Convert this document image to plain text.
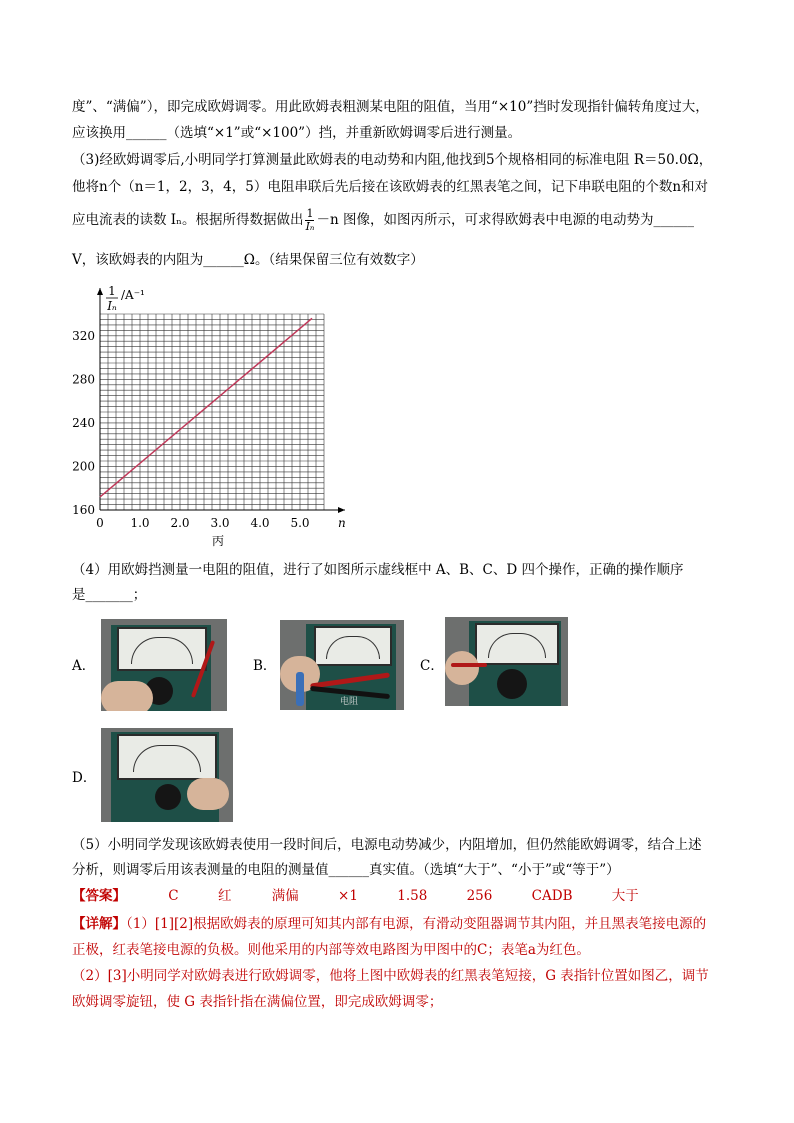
度”、“满偏”），即完成欧姆调零。用此欧姆表粗测某电阻的阻值，当用“×10”挡时发现指针偏转角度过大，
应该换用______（选填“×1”或“×100”）挡，并重新欧姆调零后进行测量。
（3)经欧姆调零后,小明同学打算测量此欧姆表的电动势和内阻,他找到5个规格相同的标准电阻 R＝50.0Ω，
他将n个（n＝1，2，3，4，5）电阻串联后先后接在该欧姆表的红黑表笔之间，记下串联电阻的个数n和对
应电流表的读数 Iₙ。根据所得数据做出 $\frac{1}{\text{Iₙ}} -n$ 图像，如图丙所示，可求得欧姆表中电源的电动势为______
V，该欧姆表的内阻为______Ω。（结果保留三位有效数字）
1.0 2.0 3.0 4.0 5.0
200
240
280
320
160
0	n
丙
1
Iₙ
/A⁻¹
（4）用欧姆挡测量一电阻的阻值，进行了如图所示虚线框中 A、B、C、D 四个操作，正确的操作顺序
是_______；
A．	B．
电阻
C．
D．
（5）小明同学发现该欧姆表使用一段时间后，电源电动势减少，内阻增加，但仍然能欧姆调零，结合上述
分析，则调零后用该表测量的电阻的测量值______真实值。（选填“大于”、“小于”或“等于”）
【答案】	C	红	满偏	×1	1.58	256	CADB	大于
【详解】（1）[1][2]根据欧姆表的原理可知其内部有电源，有滑动变阻器调节其内阻，并且黑表笔接电源的
正极，红表笔接电源的负极。则他采用的内部等效电路图为甲图中的C；表笔a为红色。
（2）[3]小明同学对欧姆表进行欧姆调零，他将上图中欧姆表的红黑表笔短接，G 表指针位置如图乙，调节
欧姆调零旋钮，使 G 表指针指在满偏位置，即完成欧姆调零；
